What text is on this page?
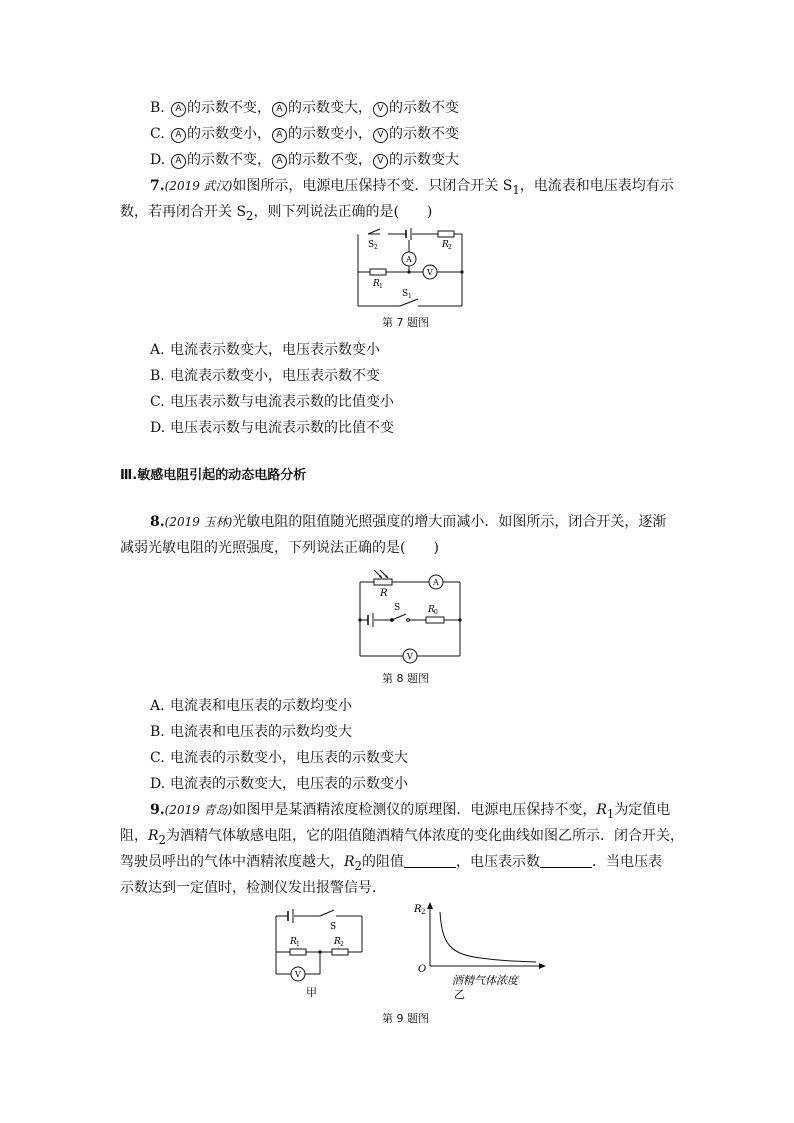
B. A 的示数不变， A 的示数变大， V 的示数不变
C. A 的示数变小， A 的示数变小， V 的示数不变
D. A 的示数不变， A 的示数不变， V 的示数变大
7.(2019 武汉)如图所示，电源电压保持不变．只闭合开关 $S_1$，电流表和电压表均有示
数，若再闭合开关 $S_2$，则下列说法正确的是(　　)
S 2	R 2
A
V
R 1
S 1
第 7 题图
A. 电流表示数变大，电压表示数变小
B. 电流表示数变小，电压表示数不变
C. 电压表示数与电流表示数的比值变小
D. 电压表示数与电流表示数的比值不变
Ⅲ.敏感电阻引起的动态电路分析
8.(2019 玉林)光敏电阻的阻值随光照强度的增大而减小．如图所示，闭合开关，逐渐
减弱光敏电阻的光照强度，下列说法正确的是(　　)
R
A
S	R 0
V
第 8 题图
A. 电流表和电压表的示数均变小
B. 电流表和电压表的示数均变大
C. 电流表的示数变小，电压表的示数变大
D. 电流表的示数变大，电压表的示数变小
9.(2019 青岛)如图甲是某酒精浓度检测仪的原理图．电源电压保持不变，$R_1$为定值电
阻，$R_2$为酒精气体敏感电阻，它的阻值随酒精气体浓度的变化曲线如图乙所示．闭合开关，
驾驶员呼出的气体中酒精浓度越大，$R_2$的阻值	，电压表示数	．当电压表
示数达到一定值时，检测仪发出报警信号．
S
R 1	R 2
V
甲
R 2
O
酒精气体浓度
乙
第 9 题图
